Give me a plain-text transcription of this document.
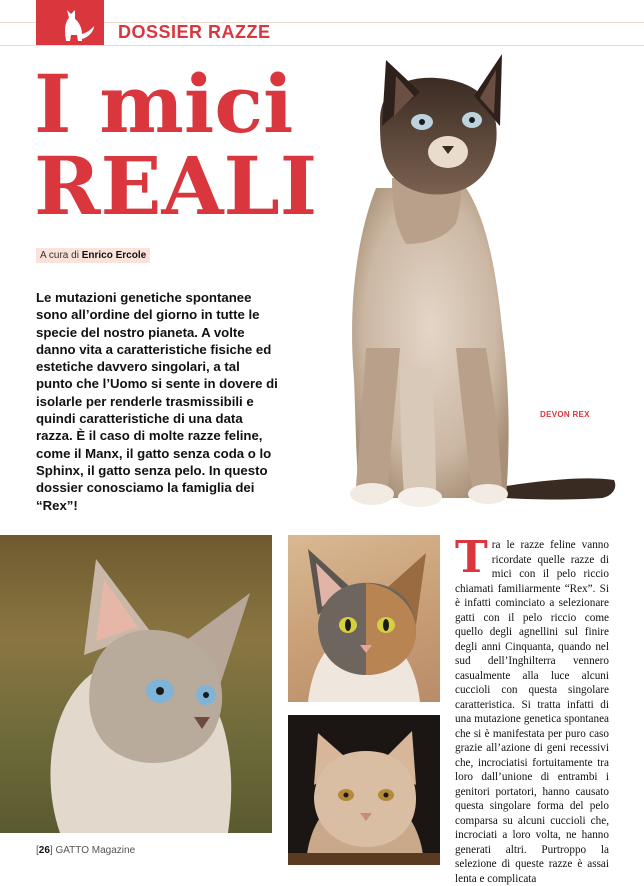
DOSSIER RAZZE
I mici
REALI
A cura di Enrico Ercole

Le mutazioni genetiche spontanee sono all’ordine del giorno in tutte le specie del nostro pianeta. A volte danno vita a caratteristiche fisiche ed estetiche davvero singolari, a tal punto che l’Uomo si sente in dovere di isolarle per renderle trasmissibili e quindi caratteristiche di una data razza. È il caso di molte razze feline, come il Manx, il gatto senza coda o lo Sphinx, il gatto senza pelo. In questo dossier conosciamo la famiglia dei “Rex”!

DEVON REX

Tra le razze feline vanno ricordate quelle razze di mici con il pelo riccio chiamati familiarmente “Rex”. Si è infatti cominciato a selezionare gatti con il pelo riccio come quello degli agnellini sul finire degli anni Cinquanta, quando nel sud dell’Inghilterra vennero casualmente alla luce alcuni cuccioli con questa singolare caratteristica. Si tratta infatti di una mutazione genetica spontanea che si è manifestata per puro caso grazie all’azione di geni recessivi che, incrociatisi fortuitamente tra loro dall’unione di entrambi i genitori portatori, hanno causato questa singolare forma del pelo comparsa su alcuni cuccioli che, incrociati a loro volta, ne hanno generati altri. Purtroppo la selezione di queste razze è assai lenta e complicata

[26] GATTO Magazine
